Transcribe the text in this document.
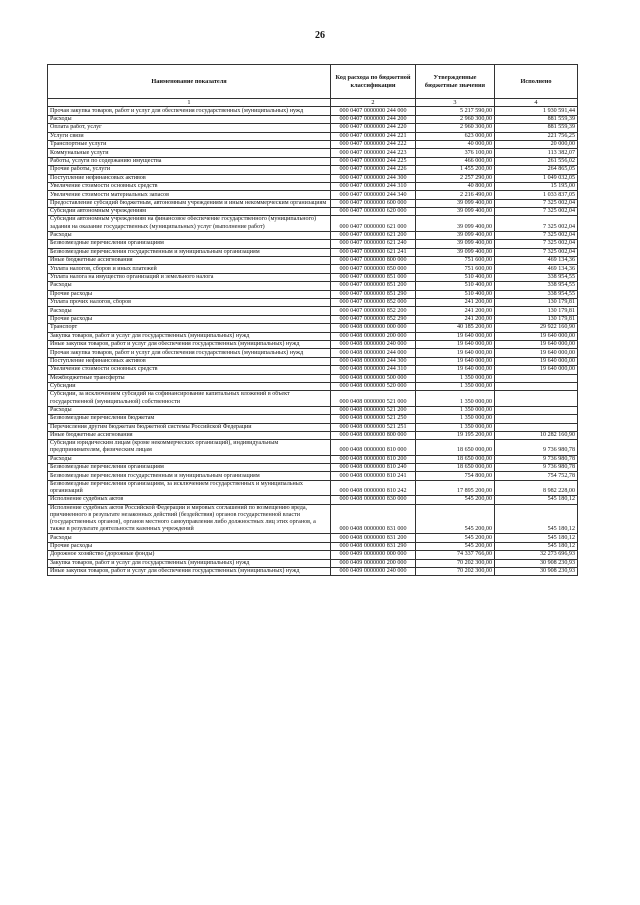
26
Наименование показателя	Код расхода по бюджетной классификации	Утвержденные бюджетные значения	Исполнено
1	2	3	4
Прочая закупка товаров, работ и услуг для обеспечения государственных (муниципальных) нужд	000 0407 0000000 244 000	5 217 590,00	1 930 591,44
Расходы	000 0407 0000000 244 200	2 960 300,00	881 559,39
Оплата работ, услуг	000 0407 0000000 244 220	2 960 300,00	881 559,39
Услуги связи	000 0407 0000000 244 221	623 000,00	221 756,25
Транспортные услуги	000 0407 0000000 244 222	40 000,00	20 000,00
Коммунальные услуги	000 0407 0000000 244 223	376 100,00	113 382,07
Работы, услуги по содержанию имущества	000 0407 0000000 244 225	466 000,00	261 556,02
Прочие работы, услуги	000 0407 0000000 244 226	1 455 200,00	264 865,05
Поступление нефинансовых активов	000 0407 0000000 244 300	2 257 290,00	1 049 032,05
Увеличение стоимости основных средств	000 0407 0000000 244 310	40 800,00	15 195,00
Увеличение стоимости материальных запасов	000 0407 0000000 244 340	2 216 490,00	1 033 837,05
Предоставление субсидий бюджетным, автономным учреждениям и иным некоммерческим организациям	000 0407 0000000 600 000	39 099 400,00	7 325 002,04
Субсидии автономным учреждениям	000 0407 0000000 620 000	39 099 400,00	7 325 002,04
Субсидии автономным учреждениям на финансовое обеспечение государственного (муниципального) задания на оказание государственных (муниципальных) услуг (выполнение работ)	000 0407 0000000 621 000	39 099 400,00	7 325 002,04
Расходы	000 0407 0000000 621 200	39 099 400,00	7 325 002,04
Безвозмездные перечисления организациям	000 0407 0000000 621 240	39 099 400,00	7 325 002,04
Безвозмездные перечисления государственным и муниципальным организациям	000 0407 0000000 621 241	39 099 400,00	7 325 002,04
Иные бюджетные ассигнования	000 0407 0000000 800 000	751 600,00	469 134,36
Уплата налогов, сборов и иных платежей	000 0407 0000000 850 000	751 600,00	469 134,36
Уплата налога на имущество организаций и земельного налога	000 0407 0000000 851 000	510 400,00	338 954,55
Расходы	000 0407 0000000 851 200	510 400,00	338 954,55
Прочие расходы	000 0407 0000000 851 290	510 400,00	338 954,55
Уплата прочих налогов, сборов	000 0407 0000000 852 000	241 200,00	130 179,81
Расходы	000 0407 0000000 852 200	241 200,00	130 179,81
Прочие расходы	000 0407 0000000 852 290	241 200,00	130 179,81
Транспорт	000 0408 0000000 000 000	40 185 200,00	29 922 160,90
Закупка товаров, работ и услуг для государственных (муниципальных) нужд	000 0408 0000000 200 000	19 640 000,00	19 640 000,00
Иные закупки товаров, работ и услуг для обеспечения государственных (муниципальных) нужд	000 0408 0000000 240 000	19 640 000,00	19 640 000,00
Прочая закупка товаров, работ и услуг для обеспечения государственных (муниципальных) нужд	000 0408 0000000 244 000	19 640 000,00	19 640 000,00
Поступление нефинансовых активов	000 0408 0000000 244 300	19 640 000,00	19 640 000,00
Увеличение стоимости основных средств	000 0408 0000000 244 310	19 640 000,00	19 640 000,00
Межбюджетные трансферты	000 0408 0000000 500 000	1 350 000,00	
Субсидии	000 0408 0000000 520 000	1 350 000,00	
Субсидии, за исключением субсидий на софинансирование капитальных вложений в объект государственной (муниципальной) собственности	000 0408 0000000 521 000	1 350 000,00	
Расходы	000 0408 0000000 521 200	1 350 000,00	
Безвозмездные перечисления бюджетам	000 0408 0000000 521 250	1 350 000,00	
Перечисления другим бюджетам бюджетной системы Российской Федерации	000 0408 0000000 521 251	1 350 000,00	
Иные бюджетные ассигнования	000 0408 0000000 800 000	19 195 200,00	10 282 160,90
Субсидии юридическим лицам (кроме некоммерческих организаций), индивидуальным предпринимателям, физическим лицам	000 0408 0000000 810 000	18 650 000,00	9 736 980,78
Расходы	000 0408 0000000 810 200	18 650 000,00	9 736 980,78
Безвозмездные перечисления организациям	000 0408 0000000 810 240	18 650 000,00	9 736 980,78
Безвозмездные перечисления государственным и муниципальным организациям	000 0408 0000000 810 241	754 800,00	754 752,78
Безвозмездные перечисления организациям, за исключением государственных и муниципальных организаций	000 0408 0000000 810 242	17 895 200,00	8 982 228,00
Исполнение судебных актов	000 0408 0000000 830 000	545 200,00	545 180,12
Исполнение судебных актов Российской Федерации и мировых соглашений по возмещению вреда, причиненного в результате незаконных действий (бездействия) органов государственной власти (государственных органов), органов местного самоуправления либо должностных лиц этих органов, а также в результате деятельности казенных учреждений	000 0408 0000000 831 000	545 200,00	545 180,12
Расходы	000 0408 0000000 831 200	545 200,00	545 180,12
Прочие расходы	000 0408 0000000 831 290	545 200,00	545 180,12
Дорожное хозяйство (дорожные фонды)	000 0409 0000000 000 000	74 337 766,00	32 273 696,93
Закупка товаров, работ и услуг для государственных (муниципальных) нужд	000 0409 0000000 200 000	70 202 300,00	30 908 230,93
Иные закупки товаров, работ и услуг для обеспечения государственных (муниципальных) нужд	000 0409 0000000 240 000	70 202 300,00	30 908 230,93
